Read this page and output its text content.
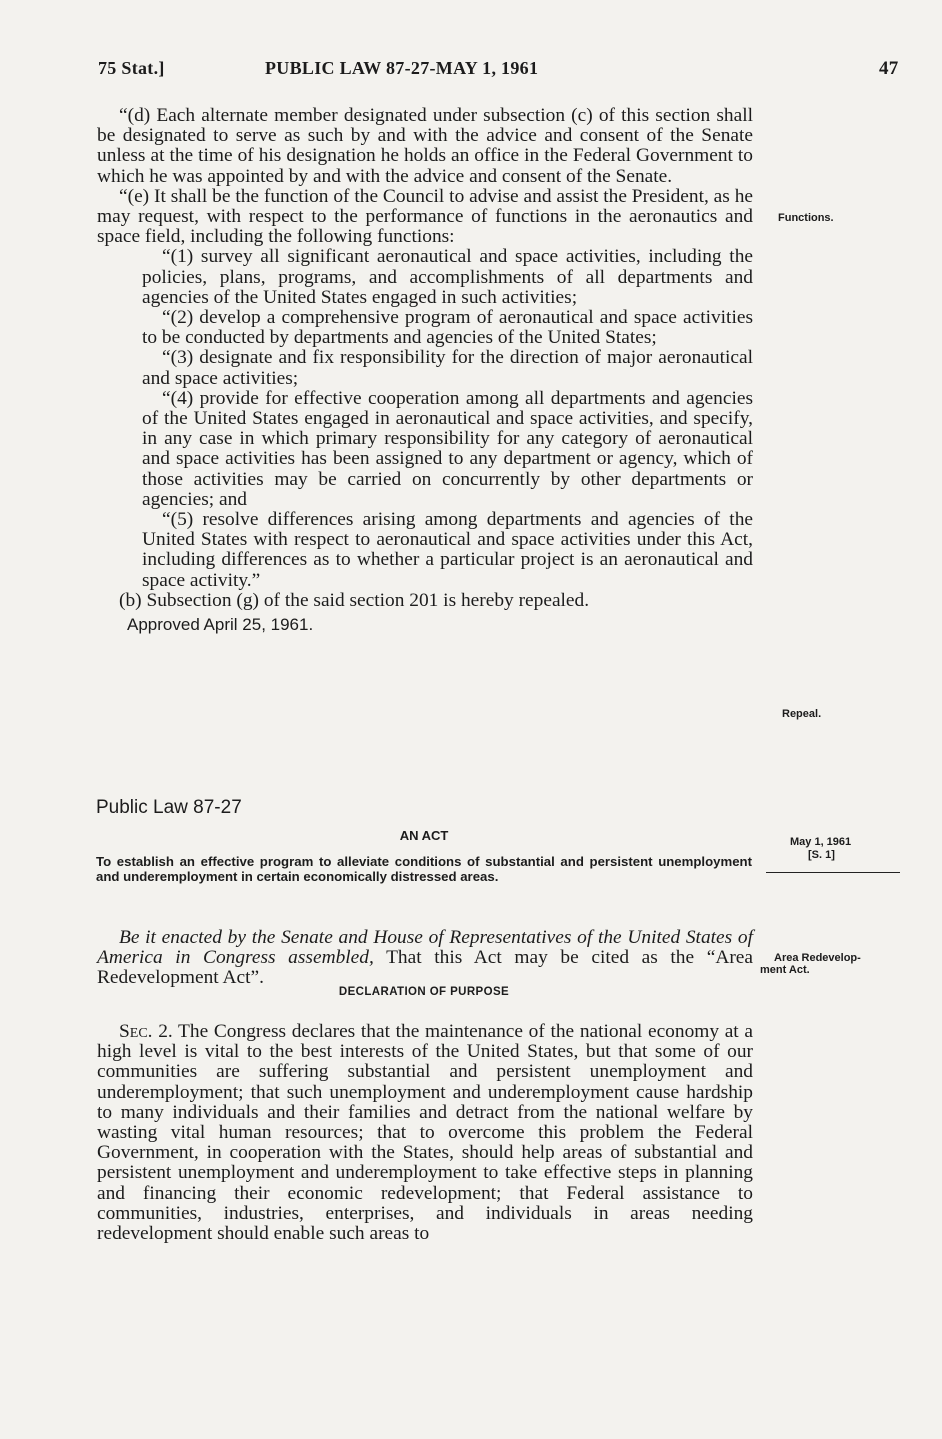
75 Stat.]	PUBLIC LAW 87-27-MAY 1, 1961	47

“(d) Each alternate member designated under subsection (c) of this section shall be designated to serve as such by and with the advice and consent of the Senate unless at the time of his designation he holds an office in the Federal Government to which he was appointed by and with the advice and consent of the Senate.

“(e) It shall be the function of the Council to advise and assist the President, as he may request, with respect to the performance of functions in the aeronautics and space field, including the following functions:

“(1) survey all significant aeronautical and space activities, including the policies, plans, programs, and accomplishments of all departments and agencies of the United States engaged in such activities;

“(2) develop a comprehensive program of aeronautical and space activities to be conducted by departments and agencies of the United States;

“(3) designate and fix responsibility for the direction of major aeronautical and space activities;

“(4) provide for effective cooperation among all departments and agencies of the United States engaged in aeronautical and space activities, and specify, in any case in which primary responsibility for any category of aeronautical and space activities has been assigned to any department or agency, which of those activities may be carried on concurrently by other departments or agencies; and

“(5) resolve differences arising among departments and agencies of the United States with respect to aeronautical and space activities under this Act, including differences as to whether a particular project is an aeronautical and space activity.”

(b) Subsection (g) of the said section 201 is hereby repealed.

Approved April 25, 1961.

Functions.
Repeal.
May 1, 1961
[S. 1]
Area Redevelop-
ment Act.
Public Law 87-27
AN ACT

To establish an effective program to alleviate conditions of substantial and persistent unemployment and underemployment in certain economically distressed areas.

Be it enacted by the Senate and House of Representatives of the United States of America in Congress assembled, That this Act may be cited as the “Area Redevelopment Act”.

DECLARATION OF PURPOSE

Sec. 2. The Congress declares that the maintenance of the national economy at a high level is vital to the best interests of the United States, but that some of our communities are suffering substantial and persistent unemployment and underemployment; that such unemployment and underemployment cause hardship to many individuals and their families and detract from the national welfare by wasting vital human resources; that to overcome this problem the Federal Government, in cooperation with the States, should help areas of substantial and persistent unemployment and underemployment to take effective steps in planning and financing their economic redevelopment; that Federal assistance to communities, industries, enterprises, and individuals in areas needing redevelopment should enable such areas to
